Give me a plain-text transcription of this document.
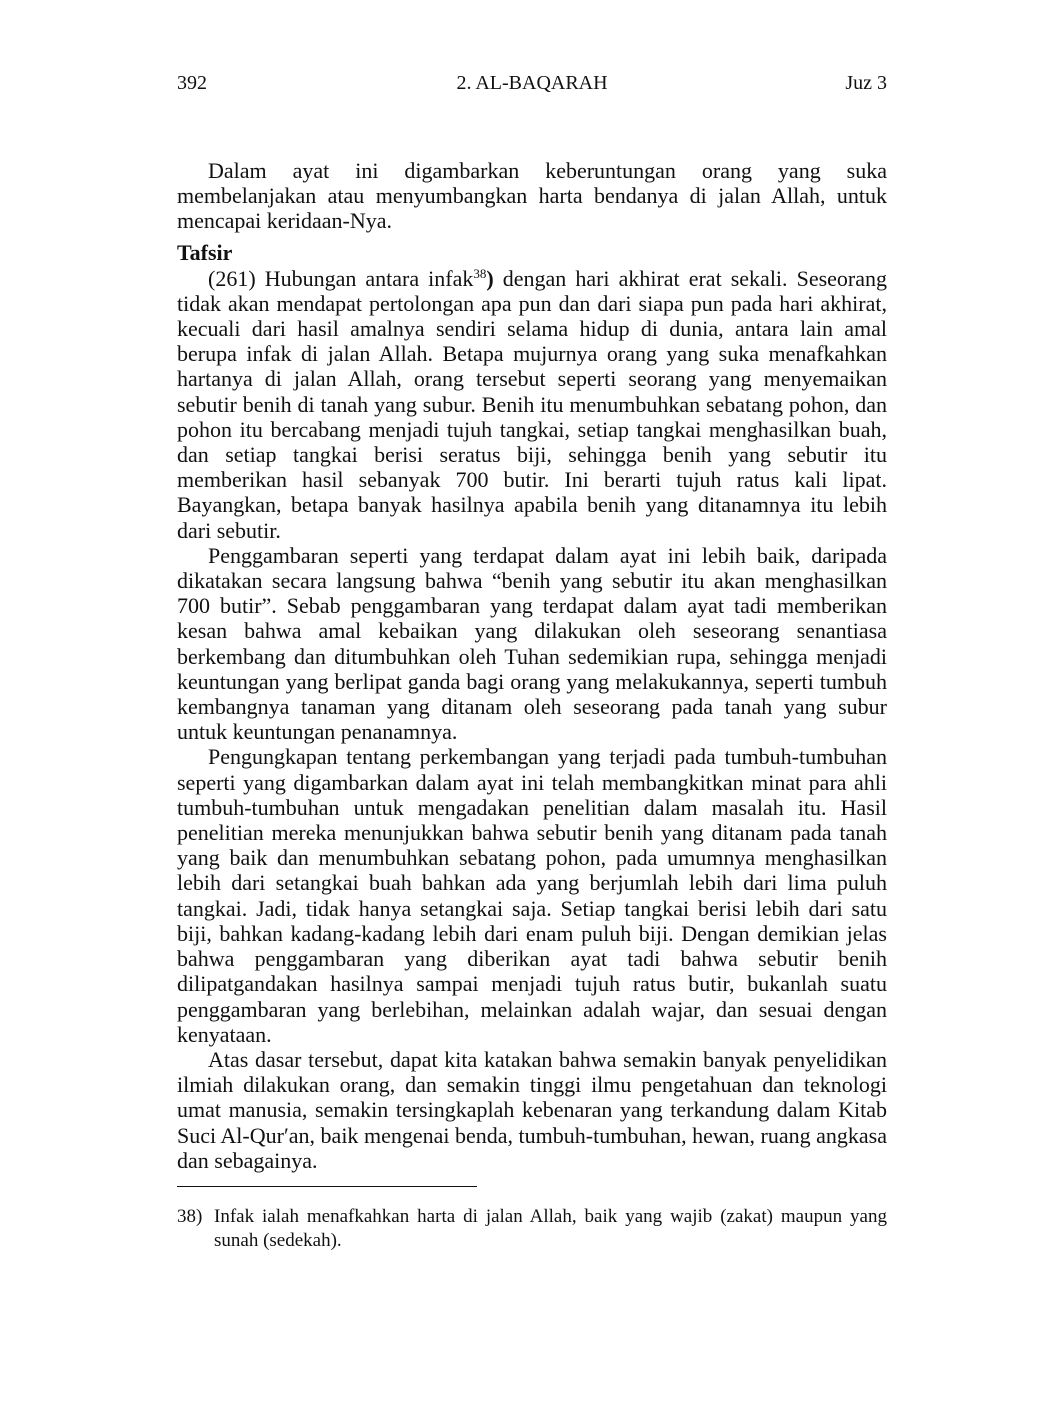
392	2. AL-BAQARAH	Juz 3

Dalam ayat ini digambarkan keberuntungan orang yang suka membelanjakan atau menyumbangkan harta bendanya di jalan Allah, untuk mencapai keridaan-Nya.

Tafsir

(261) Hubungan antara infak$^{38}$) dengan hari akhirat erat sekali. Seseorang tidak akan mendapat pertolongan apa pun dan dari siapa pun pada hari akhirat, kecuali dari hasil amalnya sendiri selama hidup di dunia, antara lain amal berupa infak di jalan Allah. Betapa mujurnya orang yang suka menafkahkan hartanya di jalan Allah, orang tersebut seperti seorang yang menyemaikan sebutir benih di tanah yang subur. Benih itu menumbuhkan sebatang pohon, dan pohon itu bercabang menjadi tujuh tangkai, setiap tangkai menghasilkan buah, dan setiap tangkai berisi seratus biji, sehingga benih yang sebutir itu memberikan hasil sebanyak 700 butir. Ini berarti tujuh ratus kali lipat. Bayangkan, betapa banyak hasilnya apabila benih yang ditanamnya itu lebih dari sebutir.

Penggambaran seperti yang terdapat dalam ayat ini lebih baik, daripada dikatakan secara langsung bahwa “benih yang sebutir itu akan menghasilkan 700 butir”. Sebab penggambaran yang terdapat dalam ayat tadi memberikan kesan bahwa amal kebaikan yang dilakukan oleh seseorang senantiasa berkembang dan ditumbuhkan oleh Tuhan sedemikian rupa, sehingga menjadi keuntungan yang berlipat ganda bagi orang yang melakukannya, seperti tumbuh kembangnya tanaman yang ditanam oleh seseorang pada tanah yang subur untuk keuntungan penanamnya.

Pengungkapan tentang perkembangan yang terjadi pada tumbuh-tumbuhan seperti yang digambarkan dalam ayat ini telah membangkitkan minat para ahli tumbuh-tumbuhan untuk mengadakan penelitian dalam masalah itu. Hasil penelitian mereka menunjukkan bahwa sebutir benih yang ditanam pada tanah yang baik dan menumbuhkan sebatang pohon, pada umumnya menghasilkan lebih dari setangkai buah bahkan ada yang berjumlah lebih dari lima puluh tangkai. Jadi, tidak hanya setangkai saja. Setiap tangkai berisi lebih dari satu biji, bahkan kadang-kadang lebih dari enam puluh biji. Dengan demikian jelas bahwa penggambaran yang diberikan ayat tadi bahwa sebutir benih dilipatgandakan hasilnya sampai menjadi tujuh ratus butir, bukanlah suatu penggambaran yang berlebihan, melainkan adalah wajar, dan sesuai dengan kenyataan.

Atas dasar tersebut, dapat kita katakan bahwa semakin banyak penyelidikan ilmiah dilakukan orang, dan semakin tinggi ilmu pengetahuan dan teknologi umat manusia, semakin tersingkaplah kebenaran yang terkandung dalam Kitab Suci Al-Qur′an, baik mengenai benda, tumbuh-tumbuhan, hewan, ruang angkasa dan sebagainya.

38) Infak ialah menafkahkan harta di jalan Allah, baik yang wajib (zakat) maupun yang sunah (sedekah).
